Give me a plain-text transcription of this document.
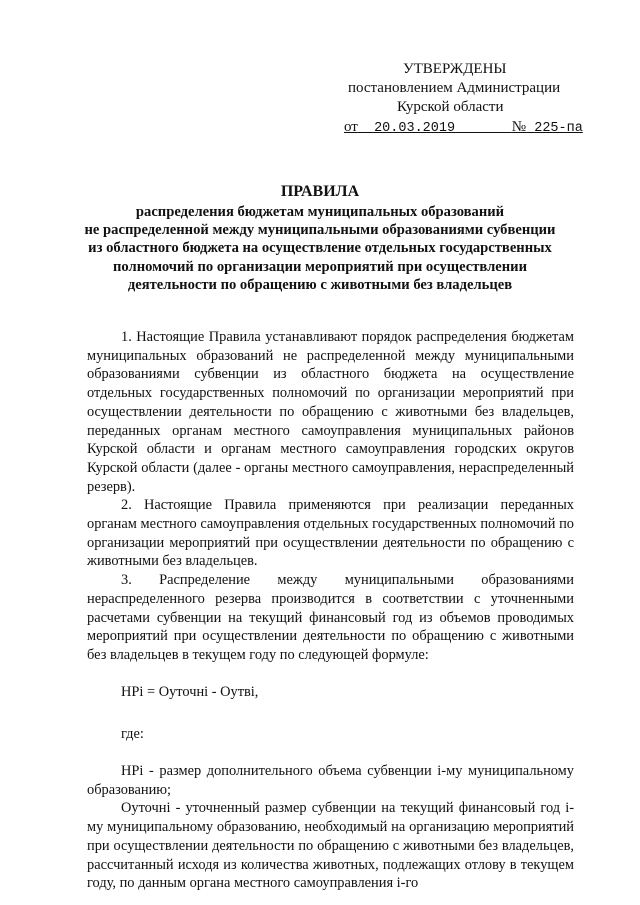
УТВЕРЖДЕНЫ
постановлением Администрации
Курской области
от 20.03.2019	№ 225-па
ПРАВИЛА
распределения бюджетам муниципальных образований
не распределенной между муниципальными образованиями субвенции
из областного бюджета на осуществление отдельных государственных
полномочий по организации мероприятий при осуществлении
деятельности по обращению с животными без владельцев

1. Настоящие Правила устанавливают порядок распределения бюджетам муниципальных образований не распределенной между муниципальными образованиями субвенции из областного бюджета на осуществление отдельных государственных полномочий по организации мероприятий при осуществлении деятельности по обращению с животными без владельцев, переданных органам местного самоуправления муниципальных районов Курской области и органам местного самоуправления городских округов Курской области (далее - органы местного самоуправления, нераспределенный резерв).

2. Настоящие Правила применяются при реализации переданных органам местного самоуправления отдельных государственных полномочий по организации мероприятий при осуществлении деятельности по обращению с животными без владельцев.

3. Распределение между муниципальными образованиями нераспределенного резерва производится в соответствии с уточненными расчетами субвенции на текущий финансовый год из объемов проводимых мероприятий при осуществлении деятельности по обращению с животными без владельцев в текущем году по следующей формуле:

НРі = Оуточні - Оутві,

где:

НРі - размер дополнительного объема субвенции і-му муниципальному образованию;

Оуточні - уточненный размер субвенции на текущий финансовый год і-му муниципальному образованию, необходимый на организацию мероприятий при осуществлении деятельности по обращению с животными без владельцев, рассчитанный исходя из количества животных, подлежащих отлову в текущем году, по данным органа местного самоуправления і-го
